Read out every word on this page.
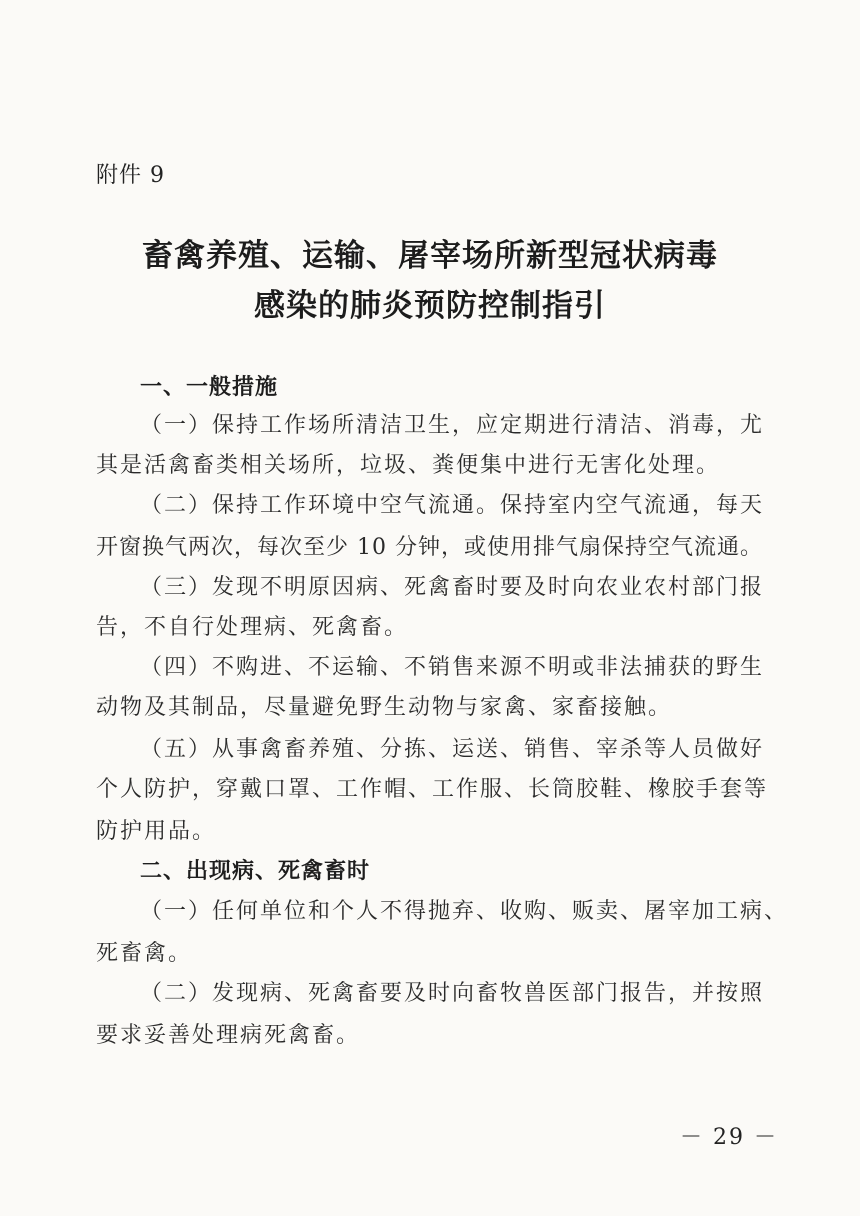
附件 9
畜禽养殖、运输、屠宰场所新型冠状病毒
感染的肺炎预防控制指引
一、一般措施
（一）保持工作场所清洁卫生，应定期进行清洁、消毒，尤
其是活禽畜类相关场所，垃圾、粪便集中进行无害化处理。
（二）保持工作环境中空气流通。保持室内空气流通，每天
开窗换气两次，每次至少 10 分钟，或使用排气扇保持空气流通。
（三）发现不明原因病、死禽畜时要及时向农业农村部门报
告，不自行处理病、死禽畜。
（四）不购进、不运输、不销售来源不明或非法捕获的野生
动物及其制品，尽量避免野生动物与家禽、家畜接触。
（五）从事禽畜养殖、分拣、运送、销售、宰杀等人员做好
个人防护，穿戴口罩、工作帽、工作服、长筒胶鞋、橡胶手套等
防护用品。
二、出现病、死禽畜时
（一）任何单位和个人不得抛弃、收购、贩卖、屠宰加工病、
死畜禽。
（二）发现病、死禽畜要及时向畜牧兽医部门报告，并按照
要求妥善处理病死禽畜。
－ 29 －
